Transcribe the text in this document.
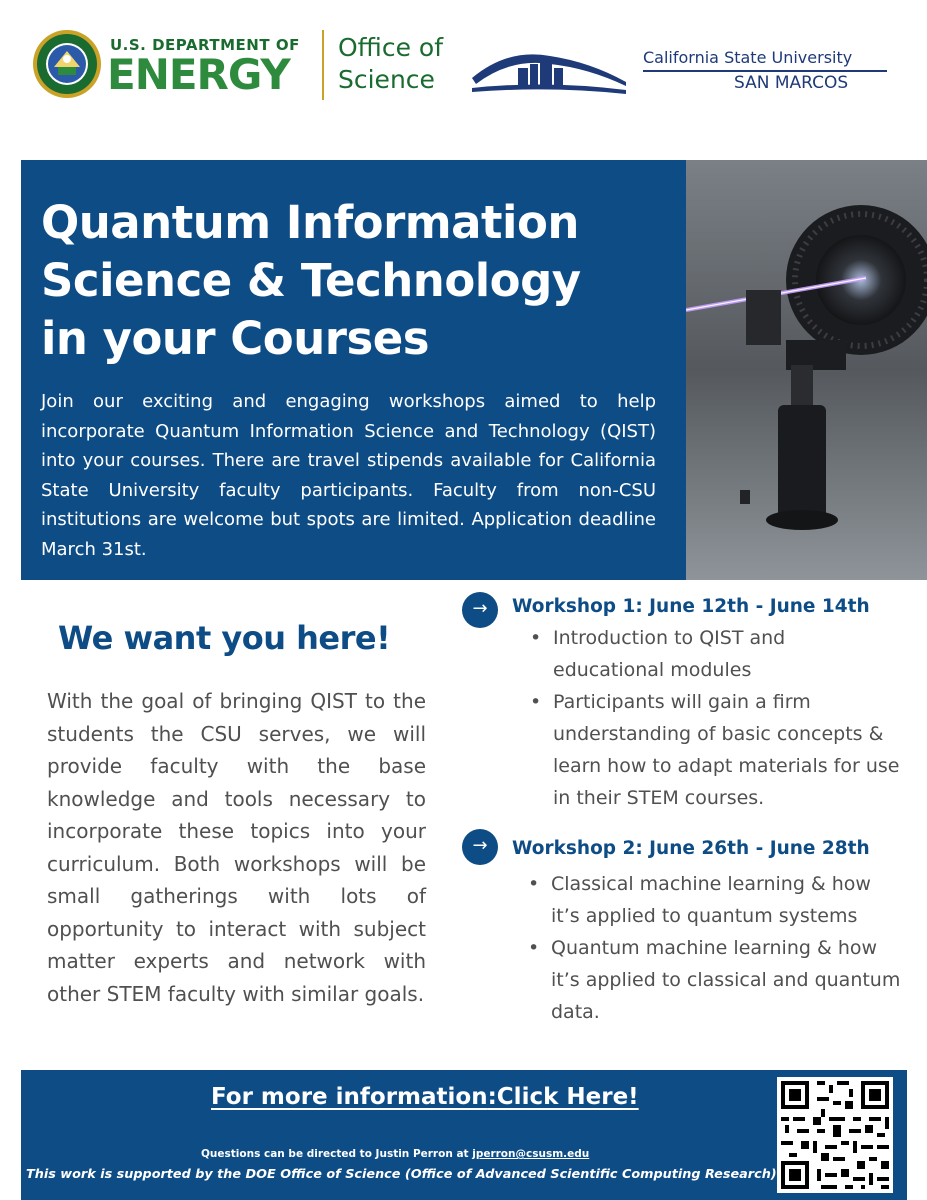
U.S. DEPARTMENT OF
ENERGY
Office of
Science
California State University
SAN MARCOS
Quantum Information
Science & Technology
in your Courses

Join our exciting and engaging workshops aimed to help incorporate Quantum Information Science and Technology (QIST) into your courses. There are travel stipends available for California State University faculty participants. Faculty from non-CSU institutions are welcome but spots are limited. Application deadline March 31st.

We want you here!

With the goal of bringing QIST to the students the CSU serves, we will provide faculty with the base knowledge and tools necessary to incorporate these topics into your curriculum. Both workshops will be small gatherings with lots of opportunity to interact with subject matter experts and network with other STEM faculty with similar goals.

→	Workshop 1: June 12th - June 14th
• Introduction to QIST and educational modules
• Participants will gain a firm understanding of basic concepts & learn how to adapt materials for use in their STEM courses.
→	Workshop 2: June 26th - June 28th
• Classical machine learning & how it’s applied to quantum systems
• Quantum machine learning & how it’s applied to classical and quantum data.
For more information:Click Here!
Questions can be directed to Justin Perron at jperron@csusm.edu
This work is supported by the DOE Office of Science (Office of Advanced Scientific Computing Research)
